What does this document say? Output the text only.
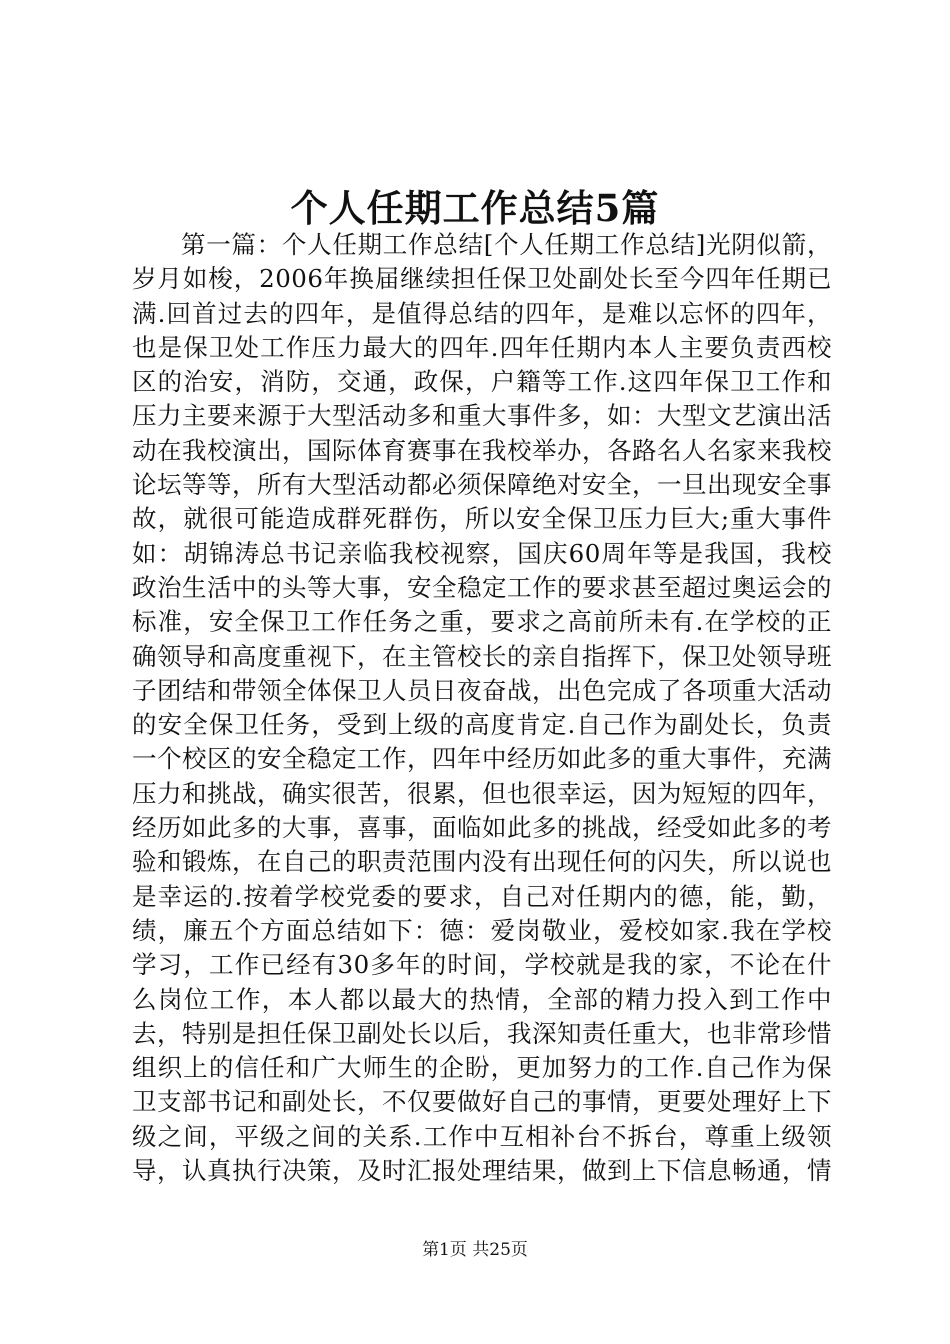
个人任期工作总结5篇

第一篇：个人任期工作总结[个人任期工作总结]光阴似箭，岁月如梭，2006年换届继续担任保卫处副处长至今四年任期已满.回首过去的四年，是值得总结的四年，是难以忘怀的四年，也是保卫处工作压力最大的四年.四年任期内本人主要负责西校区的治安，消防，交通，政保，户籍等工作.这四年保卫工作和压力主要来源于大型活动多和重大事件多，如：大型文艺演出活动在我校演出，国际体育赛事在我校举办，各路名人名家来我校论坛等等，所有大型活动都必须保障绝对安全，一旦出现安全事故，就很可能造成群死群伤，所以安全保卫压力巨大;重大事件如：胡锦涛总书记亲临我校视察，国庆60周年等是我国，我校政治生活中的头等大事，安全稳定工作的要求甚至超过奥运会的标准，安全保卫工作任务之重，要求之高前所未有.在学校的正确领导和高度重视下，在主管校长的亲自指挥下，保卫处领导班子团结和带领全体保卫人员日夜奋战，出色完成了各项重大活动的安全保卫任务，受到上级的高度肯定.自己作为副处长，负责一个校区的安全稳定工作，四年中经历如此多的重大事件，充满压力和挑战，确实很苦，很累，但也很幸运，因为短短的四年，经历如此多的大事，喜事，面临如此多的挑战，经受如此多的考验和锻炼，在自己的职责范围内没有出现任何的闪失，所以说也是幸运的.按着学校党委的要求，自己对任期内的德，能，勤，绩，廉五个方面总结如下：德：爱岗敬业，爱校如家.我在学校学习，工作已经有30多年的时间，学校就是我的家，不论在什么岗位工作，本人都以最大的热情，全部的精力投入到工作中去，特别是担任保卫副处长以后，我深知责任重大，也非常珍惜组织上的信任和广大师生的企盼，更加努力的工作.自己作为保卫支部书记和副处长，不仅要做好自己的事情，更要处理好上下级之间，平级之间的关系.工作中互相补台不拆台，尊重上级领导，认真执行决策，及时汇报处理结果，做到上下信息畅通，情

第1页 共25页
